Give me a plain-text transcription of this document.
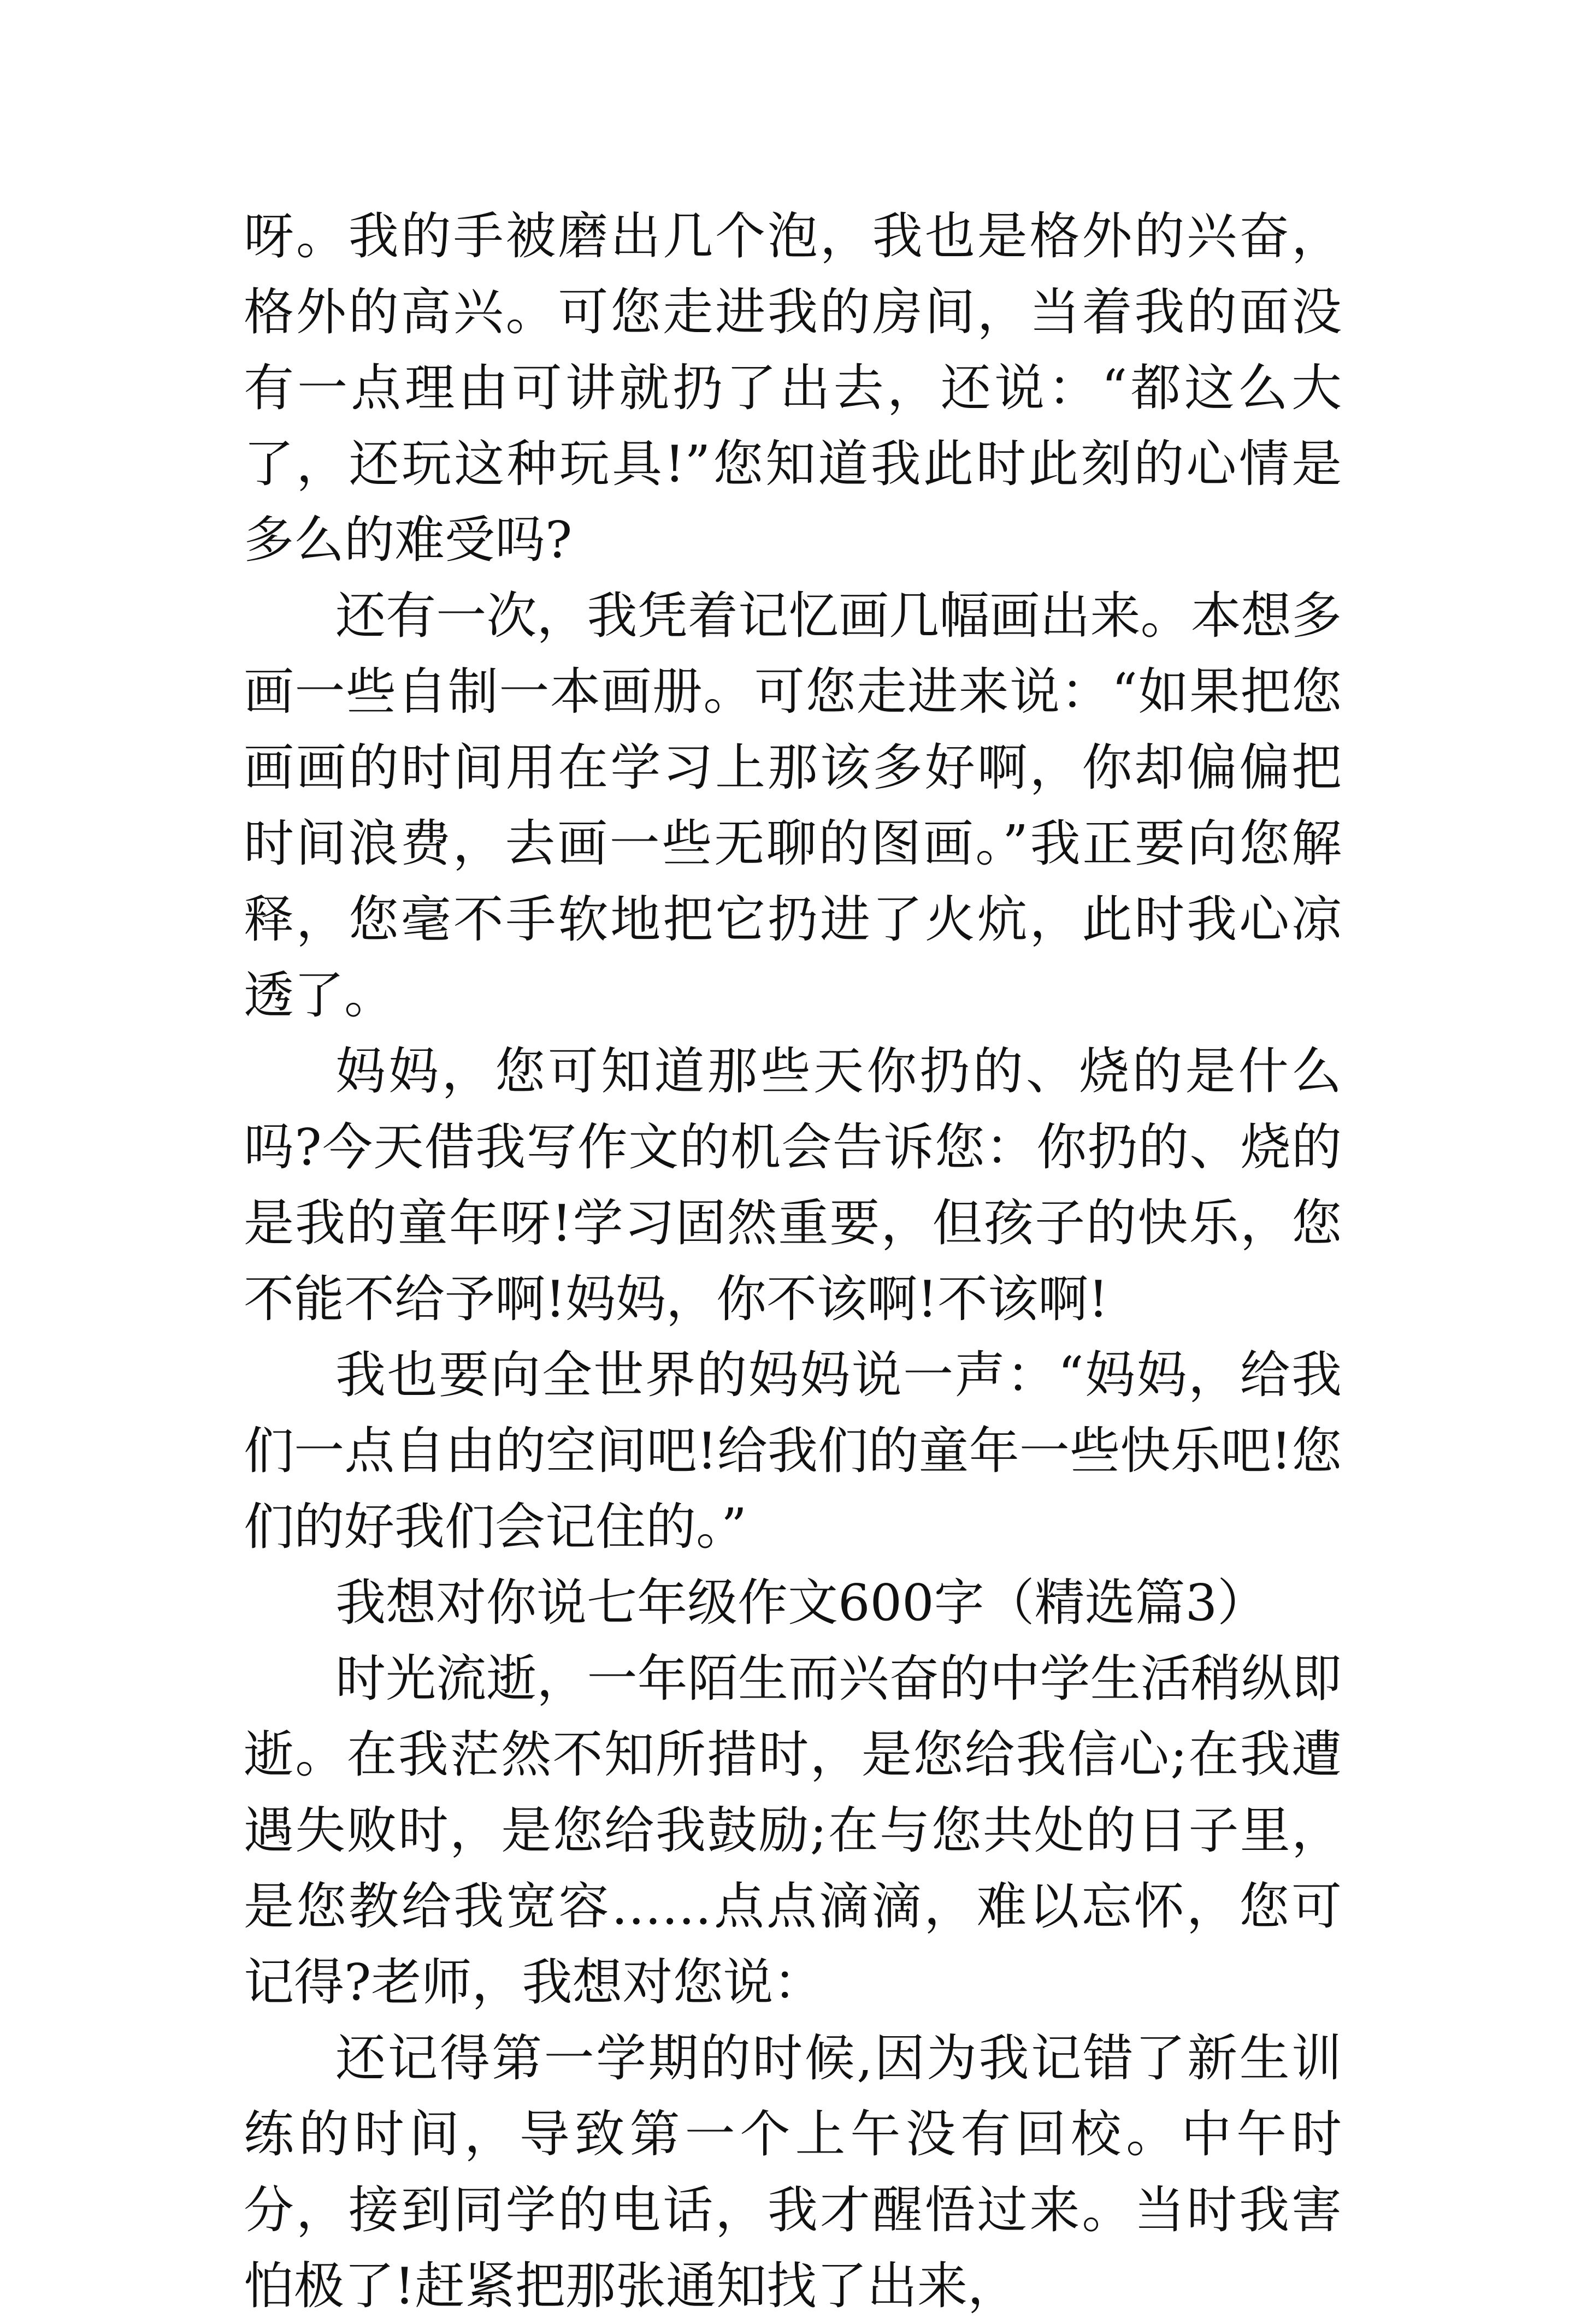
呀。我的手被磨出几个泡，我也是格外的兴奋，格外的高兴。可您走进我的房间，当着我的面没有一点理由可讲就扔了出去，还说：“都这么大了，还玩这种玩具!”您知道我此时此刻的心情是多么的难受吗?

还有一次，我凭着记忆画几幅画出来。本想多画一些自制一本画册。可您走进来说：“如果把您画画的时间用在学习上那该多好啊，你却偏偏把时间浪费，去画一些无聊的图画。”我正要向您解释，您毫不手软地把它扔进了火炕，此时我心凉透了。

妈妈，您可知道那些天你扔的、烧的是什么吗?今天借我写作文的机会告诉您：你扔的、烧的是我的童年呀!学习固然重要，但孩子的快乐，您不能不给予啊!妈妈，你不该啊!不该啊!

我也要向全世界的妈妈说一声：“妈妈，给我们一点自由的空间吧!给我们的童年一些快乐吧!您们的好我们会记住的。”

我想对你说七年级作文600字（精选篇3）

时光流逝，一年陌生而兴奋的中学生活稍纵即逝。在我茫然不知所措时，是您给我信心;在我遭遇失败时，是您给我鼓励;在与您共处的日子里，是您教给我宽容……点点滴滴，难以忘怀，您可记得?老师，我想对您说：

还记得第一学期的时候,因为我记错了新生训练的时间，导致第一个上午没有回校。中午时分，接到同学的电话，我才醒悟过来。当时我害怕极了!赶紧把那张通知找了出来，
